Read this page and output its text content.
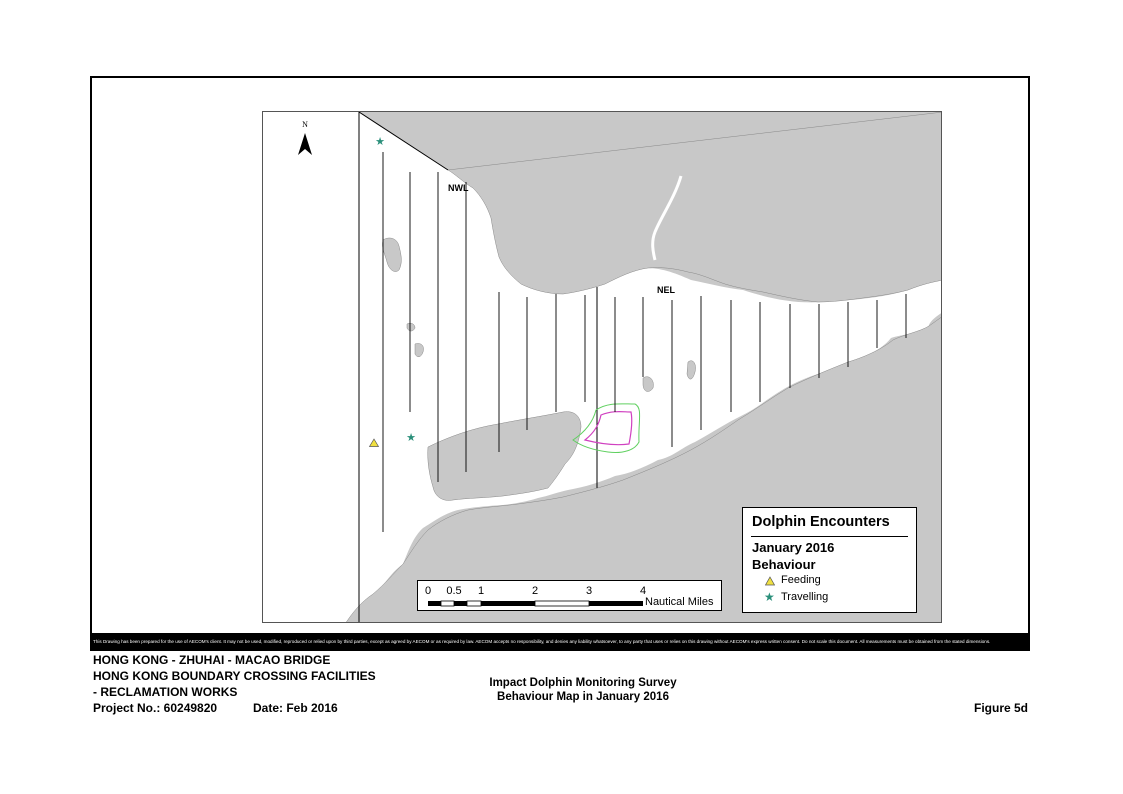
N
★
★
NWL
NEL
0 0.5 1	2	3	4
Nautical Miles
Dolphin Encounters
January 2016
Behaviour
Feeding
★ Travelling
This Drawing has been prepared for the use of AECOM's client. It may not be used, modified, reproduced or relied upon by third parties, except as agreed by AECOM or as required by law. AECOM accepts no responsibility, and denies any liability whatsoever, to any party that uses or relies on this drawing without AECOM's express written consent. Do not scale this document. All measurements must be obtained from the stated dimensions.
HONG KONG - ZHUHAI - MACAO BRIDGE
HONG KONG BOUNDARY CROSSING FACILITIES
- RECLAMATION WORKS
Project No.: 60249820	Date: Feb 2016
Impact Dolphin Monitoring Survey
Behaviour Map in January 2016
Figure 5d
